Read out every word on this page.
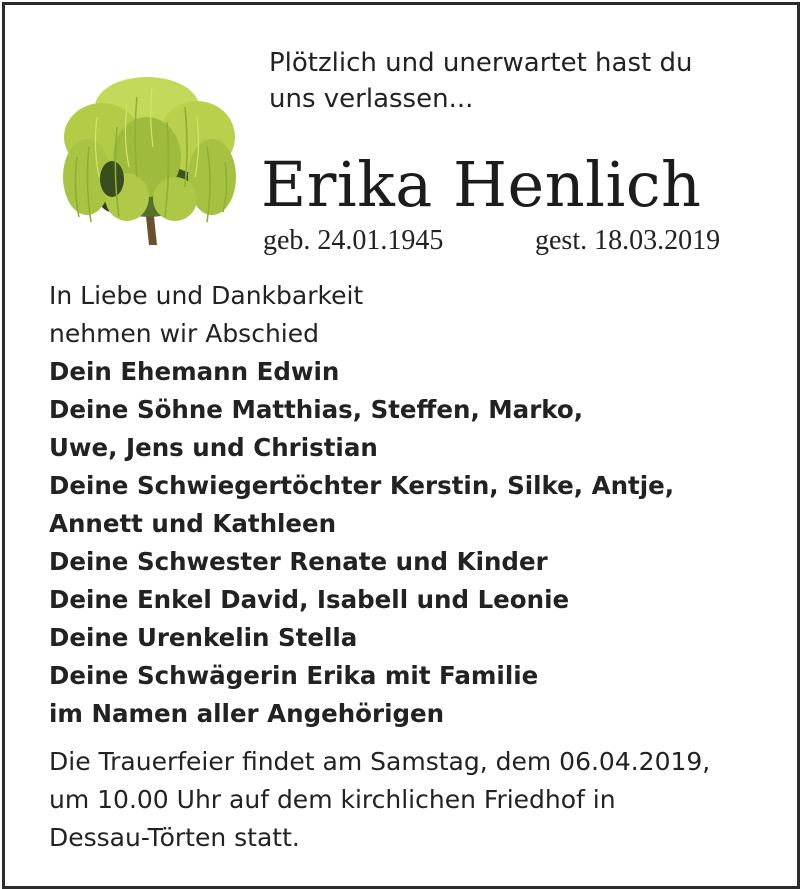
Plötzlich und unerwartet hast du
uns verlassen...
Erika Henlich
geb. 24.01.1945	gest. 18.03.2019
In Liebe und Dankbarkeit
nehmen wir Abschied
Dein Ehemann Edwin
Deine Söhne Matthias, Steffen, Marko,
Uwe, Jens und Christian
Deine Schwiegertöchter Kerstin, Silke, Antje,
Annett und Kathleen
Deine Schwester Renate und Kinder
Deine Enkel David, Isabell und Leonie
Deine Urenkelin Stella
Deine Schwägerin Erika mit Familie
im Namen aller Angehörigen
Die Trauerfeier findet am Samstag, dem 06.04.2019,
um 10.00 Uhr auf dem kirchlichen Friedhof in
Dessau-Törten statt.
